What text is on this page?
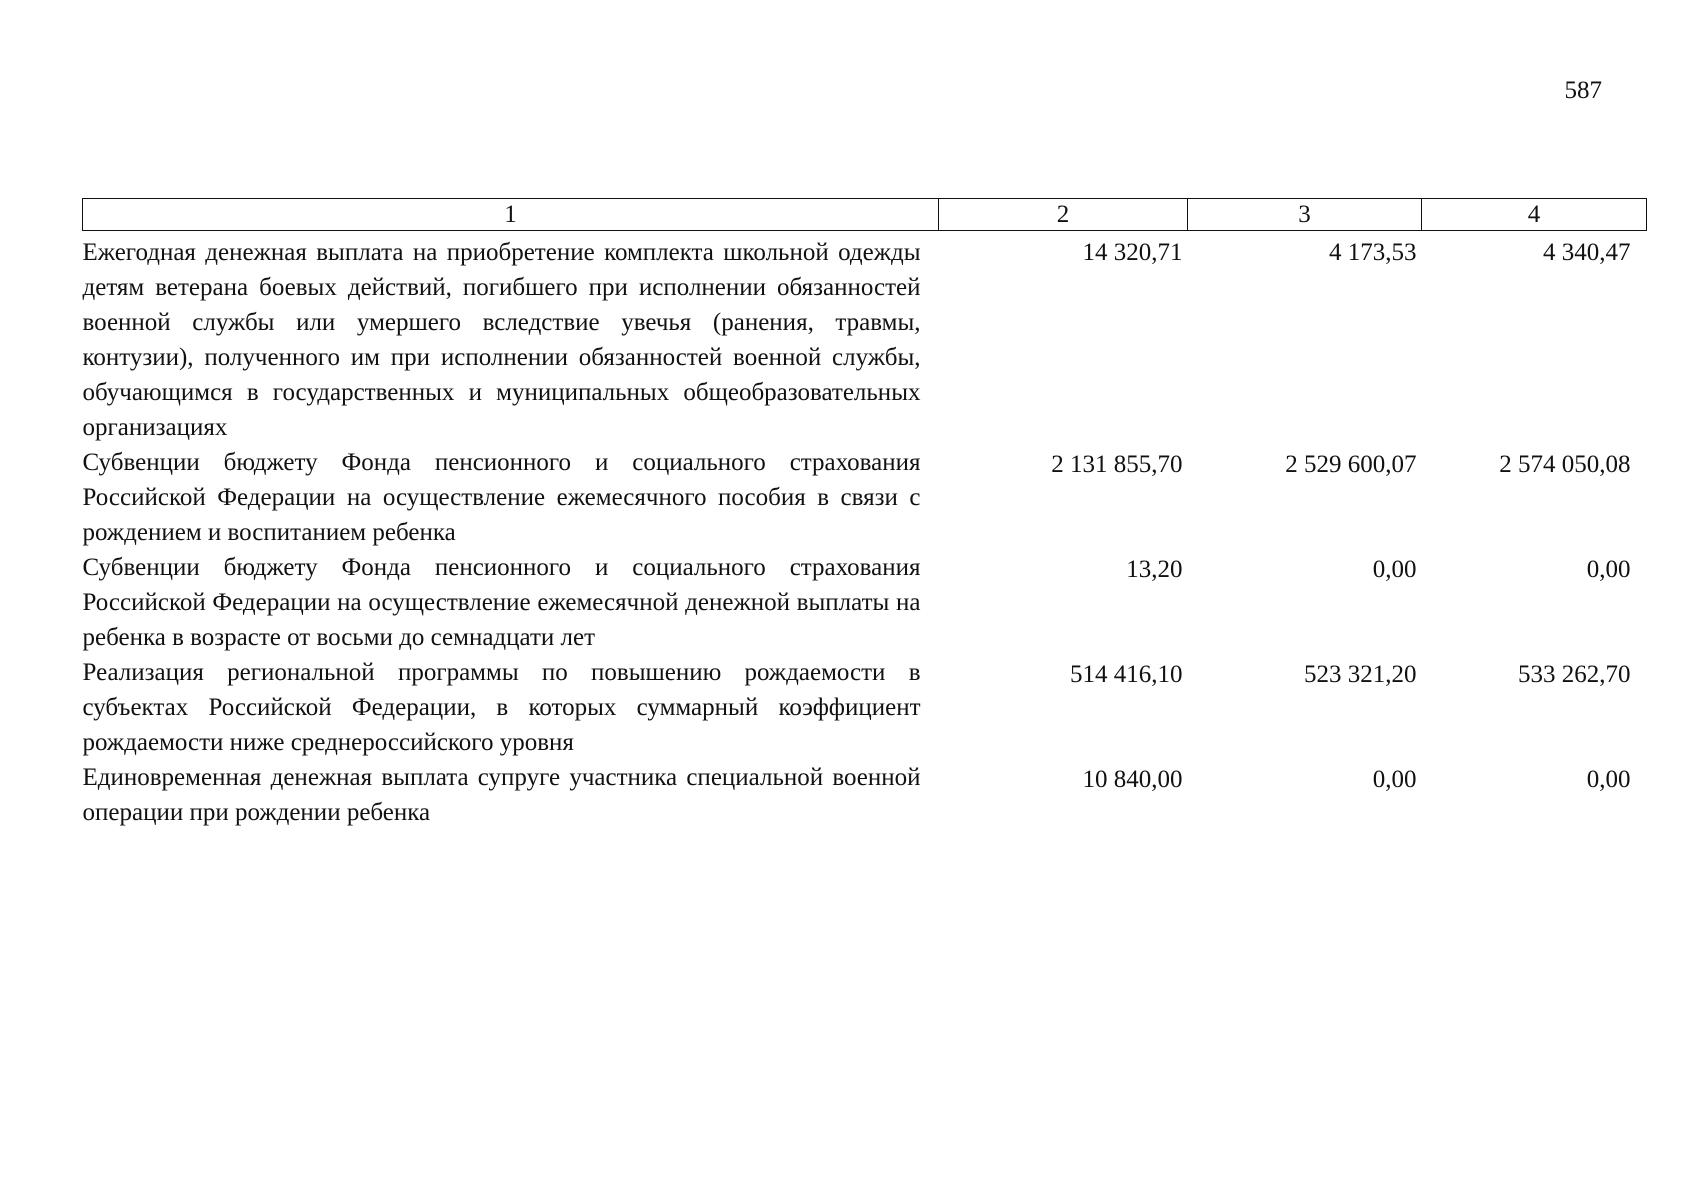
587
1	2	3	4
Ежегодная денежная выплата на приобретение комплекта школьной одежды детям ветерана боевых действий, погибшего при исполнении обязанностей военной службы или умершего вследствие увечья (ранения, травмы, контузии), полученного им при исполнении обязанностей военной службы, обучающимся в государственных и муниципальных общеобразовательных организациях	14 320,71	4 173,53	4 340,47
Субвенции бюджету Фонда пенсионного и социального страхования Российской Федерации на осуществление ежемесячного пособия в связи с рождением и воспитанием ребенка	2 131 855,70	2 529 600,07	2 574 050,08
Субвенции бюджету Фонда пенсионного и социального страхования Российской Федерации на осуществление ежемесячной денежной выплаты на ребенка в возрасте от восьми до семнадцати лет	13,20	0,00	0,00
Реализация региональной программы по повышению рождаемости в субъектах Российской Федерации, в которых суммарный коэффициент рождаемости ниже среднероссийского уровня	514 416,10	523 321,20	533 262,70
Единовременная денежная выплата супруге участника специальной военной операции при рождении ребенка	10 840,00	0,00	0,00
